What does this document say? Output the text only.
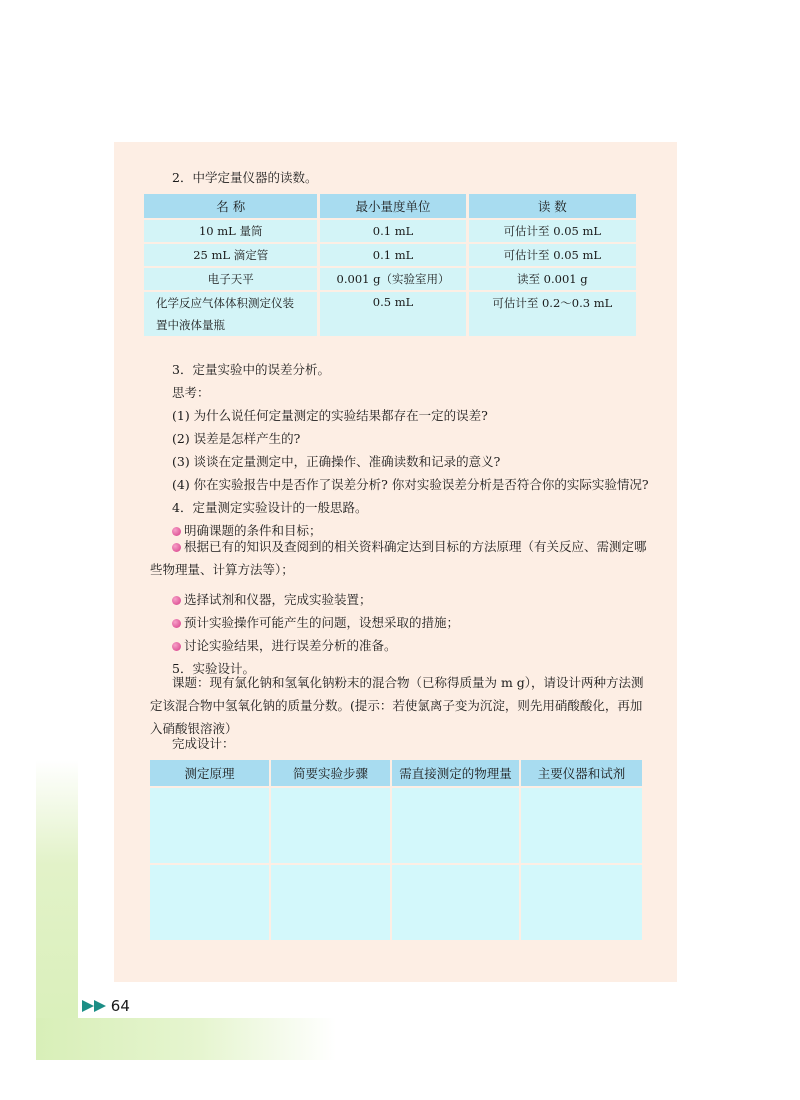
2．中学定量仪器的读数。
名 称	最小量度单位	读 数
10 mL 量筒	0.1 mL	可估计至 0.05 mL
25 mL 滴定管	0.1 mL	可估计至 0.05 mL
电子天平	0.001 g（实验室用）	读至 0.001 g

化学反应气体体积测定仪装
置中液体量瓶	0.5 mL	可估计至 0.2～0.3 mL
3．定量实验中的误差分析。
思考：
(1) 为什么说任何定量测定的实验结果都存在一定的误差?
(2) 误差是怎样产生的?
(3) 谈谈在定量测定中，正确操作、准确读数和记录的意义?
(4) 你在实验报告中是否作了误差分析? 你对实验误差分析是否符合你的实际实验情况?
4．定量测定实验设计的一般思路。
明确课题的条件和目标；
根据已有的知识及查阅到的相关资料确定达到目标的方法原理（有关反应、需测定哪些物理量、计算方法等）；
选择试剂和仪器，完成实验装置；
预计实验操作可能产生的问题，设想采取的措施；
讨论实验结果，进行误差分析的准备。
5．实验设计。
课题：现有氯化钠和氢氧化钠粉末的混合物（已称得质量为 m g），请设计两种方法测定该混合物中氢氧化钠的质量分数。(提示：若使氯离子变为沉淀，则先用硝酸酸化，再加入硝酸银溶液）
完成设计：
测定原理	简要实验步骤	需直接测定的物理量	主要仪器和试剂

64
